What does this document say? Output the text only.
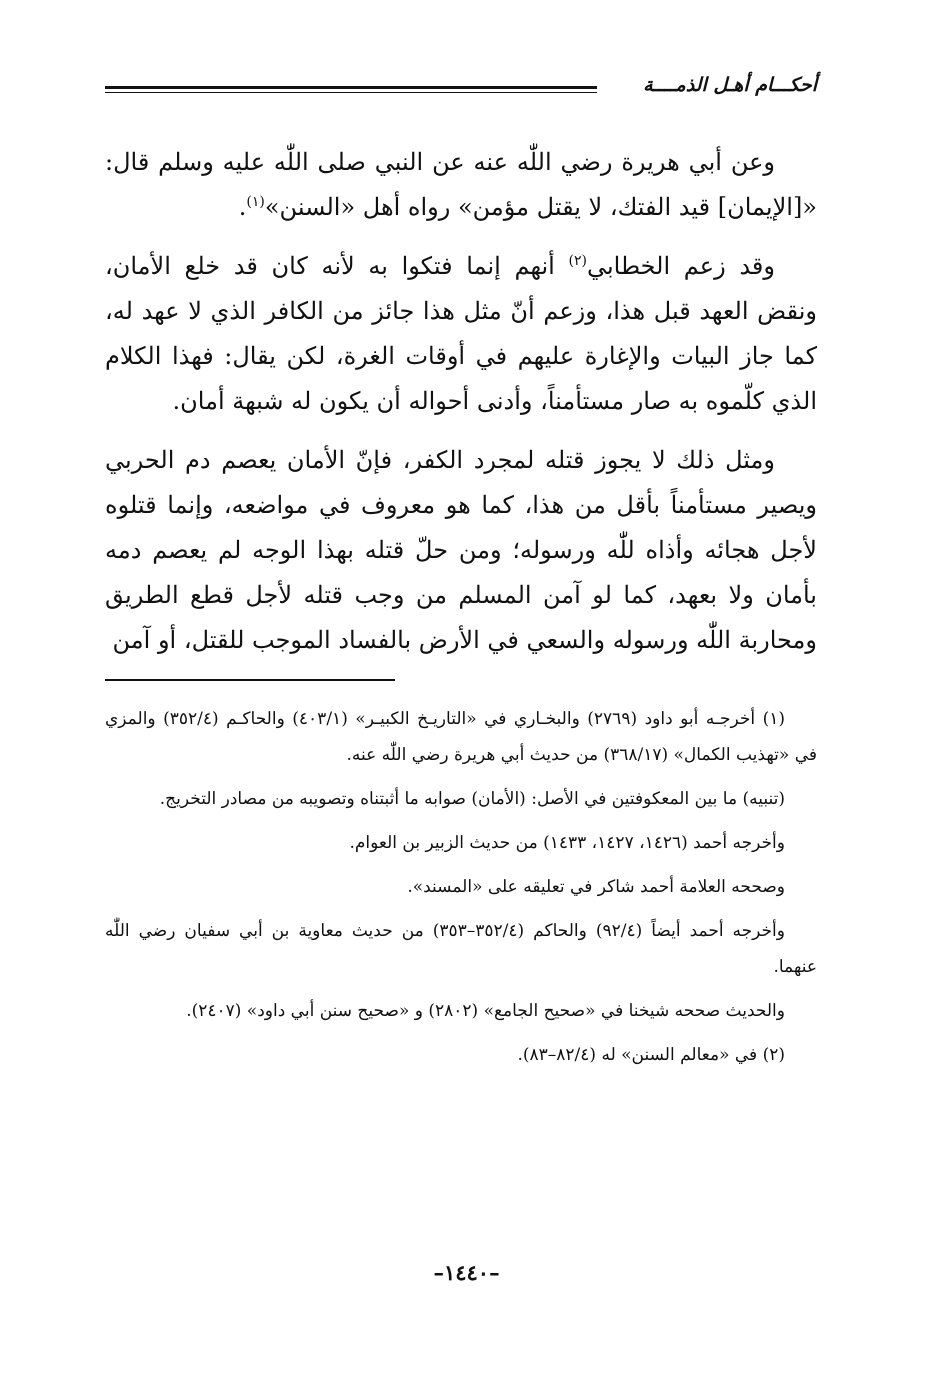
أحكـــام أهـل الذمــــة

وعن أبي هريرة رضي اللّٰه عنه عن النبي صلى اللّٰه عليه وسلم قال: «[الإيمان] قيد الفتك، لا يقتل مؤمن» رواه أهل «السنن»$^{(١)}$.

وقد زعم الخطابي$^{(٢)}$ أنهم إنما فتكوا به لأنه كان قد خلع الأمان، ونقض العهد قبل هذا، وزعم أنّ مثل هذا جائز من الكافر الذي لا عهد له، كما جاز البيات والإغارة عليهم في أوقات الغرة، لكن يقال: فهذا الكلام الذي كلّموه به صار مستأمناً، وأدنى أحواله أن يكون له شبهة أمان.

ومثل ذلك لا يجوز قتله لمجرد الكفر، فإنّ الأمان يعصم دم الحربي ويصير مستأمناً بأقل من هذا، كما هو معروف في مواضعه، وإنما قتلوه لأجل هجائه وأذاه للّٰه ورسوله؛ ومن حلّ قتله بهذا الوجه لم يعصم دمه بأمان ولا بعهد، كما لو آمن المسلم من وجب قتله لأجل قطع الطريق ومحاربة اللّٰه ورسوله والسعي في الأرض بالفساد الموجب للقتل، أو آمن

(١) أخرجـه أبو داود (٢٧٦٩) والبخـاري في «التاريـخ الكبيـر» (٤٠٣/١) والحاكـم (٣٥٢/٤) والمزي في «تهذيب الكمال» (٣٦٨/١٧) من حديث أبي هريرة رضي اللّٰه عنه.

(تنبيه) ما بين المعكوفتين في الأصل: (الأمان) صوابه ما أثبتناه وتصويبه من مصادر التخريج.

وأخرجه أحمد (١٤٢٦، ١٤٢٧، ١٤٣٣) من حديث الزبير بن العوام.

وصححه العلامة أحمد شاكر في تعليقه على «المسند».

وأخرجه أحمد أيضاً (٩٢/٤) والحاكم (٣٥٢/٤–٣٥٣) من حديث معاوية بن أبي سفيان رضي اللّٰه عنهما.

والحديث صححه شيخنا في «صحيح الجامع» (٢٨٠٢) و «صحيح سنن أبي داود» (٢٤٠٧).

(٢) في «معالم السنن» له (٨٢/٤–٨٣).

–١٤٤٠–
